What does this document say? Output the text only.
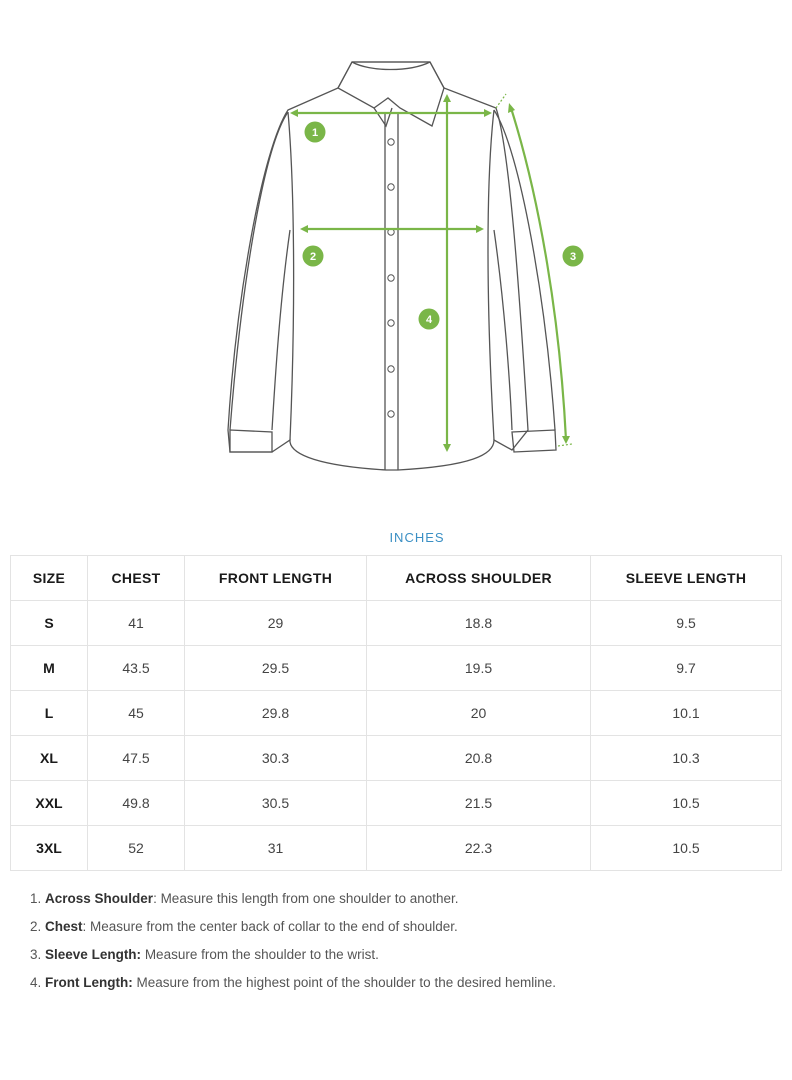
1
2	3
4
INCHES
SIZE	CHEST	FRONT LENGTH	ACROSS SHOULDER	SLEEVE LENGTH
S	41	29	18.8	9.5
M	43.5	29.5	19.5	9.7
L	45	29.8	20	10.1
XL	47.5	30.3	20.8	10.3
XXL	49.8	30.5	21.5	10.5
3XL	52	31	22.3	10.5
1. Across Shoulder: Measure this length from one shoulder to another.
2. Chest: Measure from the center back of collar to the end of shoulder.
3. Sleeve Length: Measure from the shoulder to the wrist.
4. Front Length: Measure from the highest point of the shoulder to the desired hemline.
